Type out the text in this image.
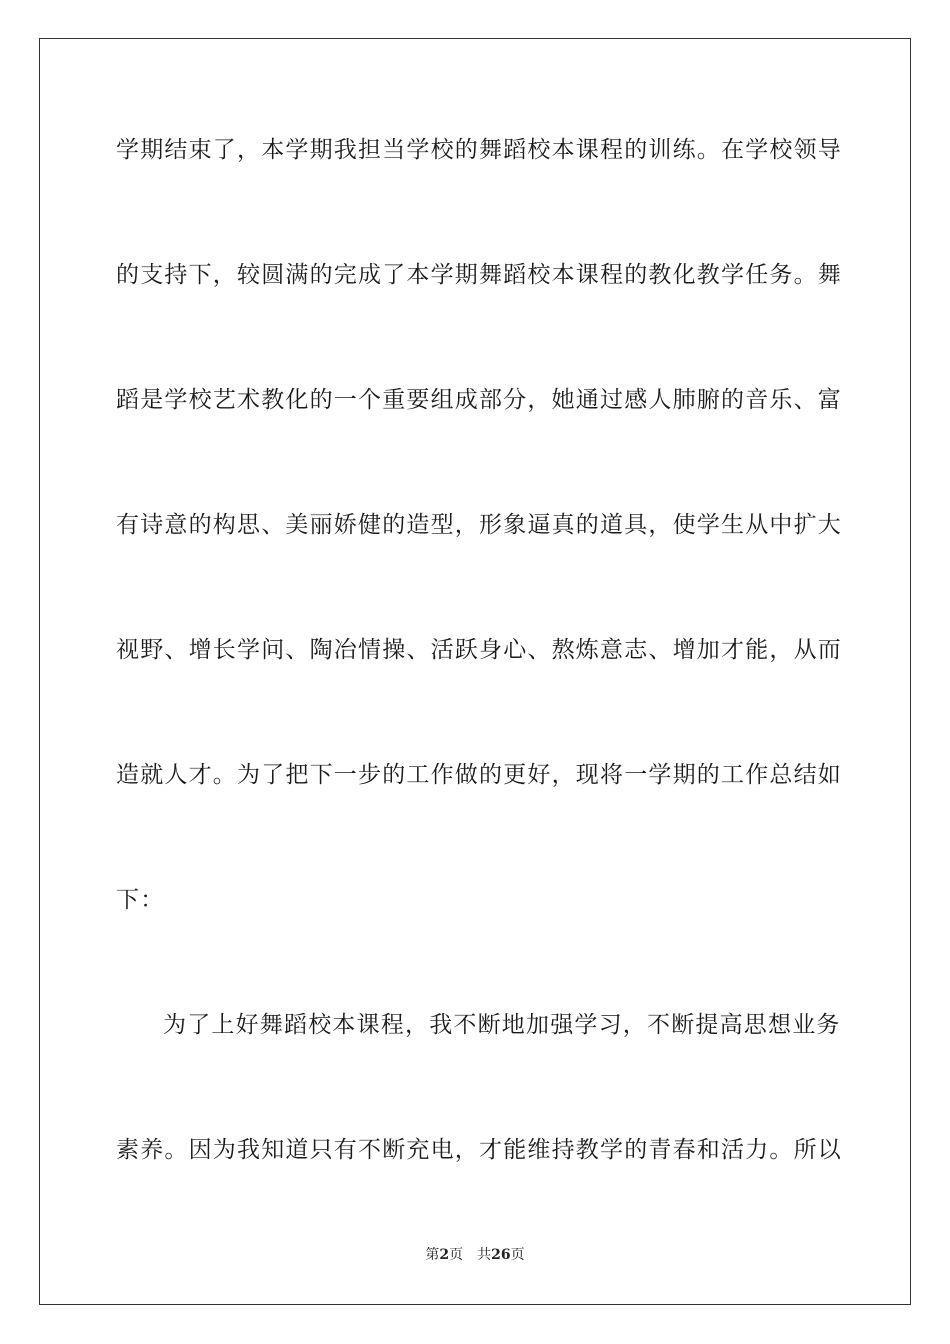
学期结束了，本学期我担当学校的舞蹈校本课程的训练。在学校领导
的支持下，较圆满的完成了本学期舞蹈校本课程的教化教学任务。舞
蹈是学校艺术教化的一个重要组成部分，她通过感人肺腑的音乐、富
有诗意的构思、美丽娇健的造型，形象逼真的道具，使学生从中扩大
视野、增长学问、陶冶情操、活跃身心、熬炼意志、增加才能，从而
造就人才。为了把下一步的工作做的更好，现将一学期的工作总结如
下：
为了上好舞蹈校本课程，我不断地加强学习，不断提高思想业务
素养。因为我知道只有不断充电，才能维持教学的青春和活力。所以
第2页 共26页
